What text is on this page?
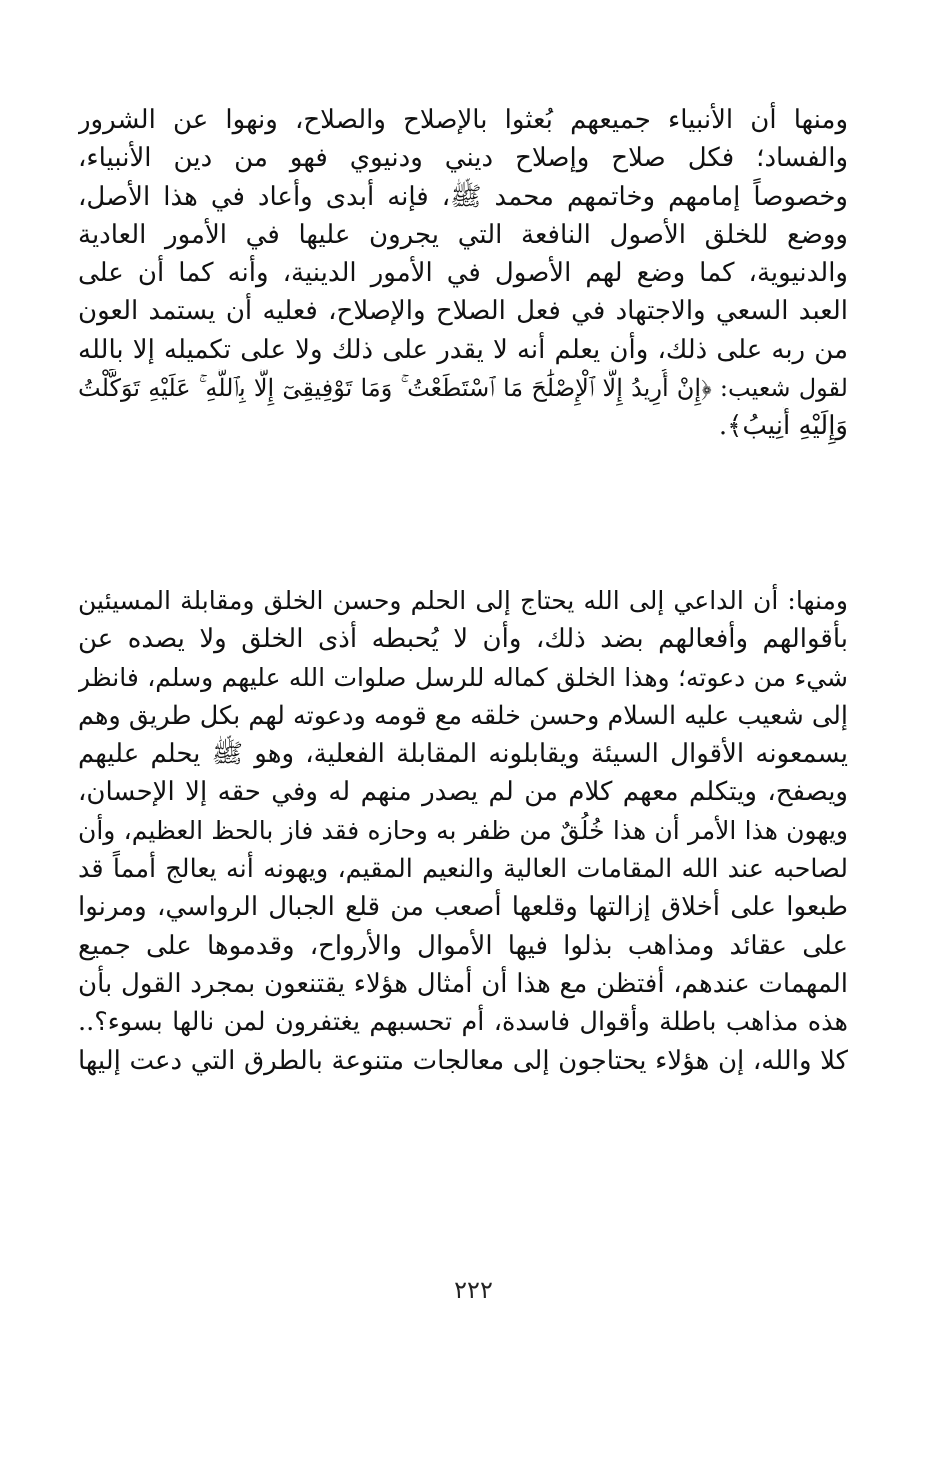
ومنها أن الأنبياء جميعهم بُعثوا بالإصلاح والصلاح، ونهوا عن الشرور
والفساد؛ فكل صلاح وإصلاح ديني ودنيوي فهو من دين الأنبياء،
وخصوصاً إمامهم وخاتمهم محمد ﷺ، فإنه أبدى وأعاد في هذا الأصل،
ووضع للخلق الأصول النافعة التي يجرون عليها في الأمور العادية
والدنيوية، كما وضع لهم الأصول في الأمور الدينية، وأنه كما أن على
العبد السعي والاجتهاد في فعل الصلاح والإصلاح، فعليه أن يستمد العون
من ربه على ذلك، وأن يعلم أنه لا يقدر على ذلك ولا على تكميله إلا بالله
لقول شعيب: ﴿إِنْ أُرِيدُ إِلَّا ٱلْإِصْلَٰحَ مَا ٱسْتَطَعْتُ ۚ وَمَا تَوْفِيقِىٓ إِلَّا بِٱللَّهِ ۚ عَلَيْهِ تَوَكَّلْتُ
وَإِلَيْهِ أُنِيبُ﴾.
ومنها: أن الداعي إلى الله يحتاج إلى الحلم وحسن الخلق ومقابلة المسيئين
بأقوالهم وأفعالهم بضد ذلك، وأن لا يُحبطه أذى الخلق ولا يصده عن
شيء من دعوته؛ وهذا الخلق كماله للرسل صلوات الله عليهم وسلم، فانظر
إلى شعيب عليه السلام وحسن خلقه مع قومه ودعوته لهم بكل طريق وهم
يسمعونه الأقوال السيئة ويقابلونه المقابلة الفعلية، وهو ﷺ يحلم عليهم
ويصفح، ويتكلم معهم كلام من لم يصدر منهم له وفي حقه إلا الإحسان،
ويهون هذا الأمر أن هذا خُلُقٌ من ظفر به وحازه فقد فاز بالحظ العظيم، وأن
لصاحبه عند الله المقامات العالية والنعيم المقيم، ويهونه أنه يعالج أمماً قد
طبعوا على أخلاق إزالتها وقلعها أصعب من قلع الجبال الرواسي، ومرنوا
على عقائد ومذاهب بذلوا فيها الأموال والأرواح، وقدموها على جميع
المهمات عندهم، أفتظن مع هذا أن أمثال هؤلاء يقتنعون بمجرد القول بأن
هذه مذاهب باطلة وأقوال فاسدة، أم تحسبهم يغتفرون لمن نالها بسوء؟..
كلا والله، إن هؤلاء يحتاجون إلى معالجات متنوعة بالطرق التي دعت إليها
٢٢٢
